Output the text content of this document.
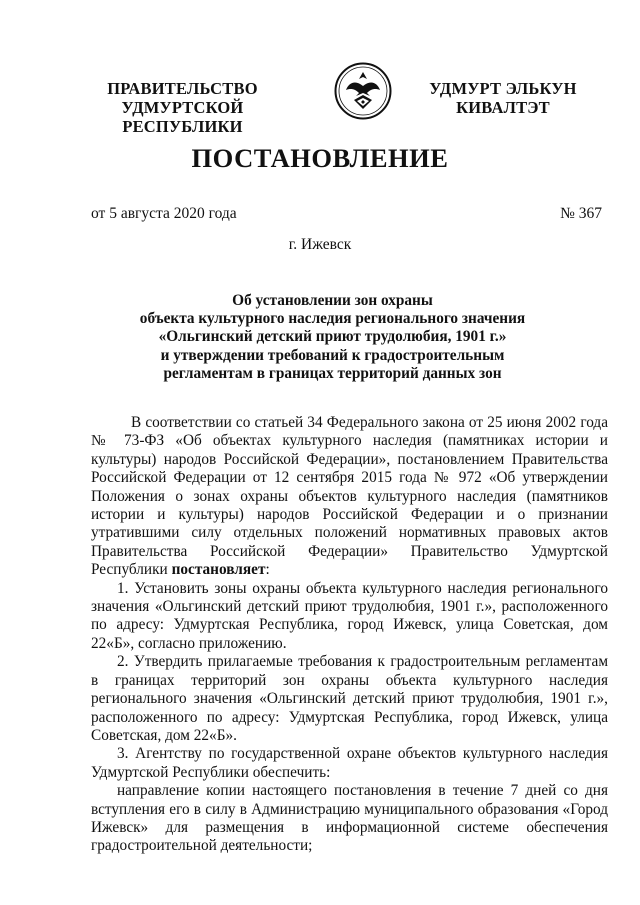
ПРАВИТЕЛЬСТВО
УДМУРТСКОЙ РЕСПУБЛИКИ
УДМУРТ ЭЛЬКУН
КИВАЛТЭТ
ПОСТАНОВЛЕНИЕ
от 5 августа 2020 года	№ 367
г. Ижевск
Об установлении зон охраны
объекта культурного наследия регионального значения
«Ольгинский детский приют трудолюбия, 1901 г.»
и утверждении требований к градостроительным
регламентам в границах территорий данных зон

В соответствии со статьей 34 Федерального закона от 25 июня 2002 года № 73-ФЗ «Об объектах культурного наследия (памятниках истории и культуры) народов Российской Федерации», постановлением Правительства Российской Федерации от 12 сентября 2015 года № 972 «Об утверждении Положения о зонах охраны объектов культурного наследия (памятников истории и культуры) народов Российской Федерации и о признании утратившими силу отдельных положений нормативных правовых актов Правительства Российской Федерации» Правительство Удмуртской Республики постановляет:

1. Установить зоны охраны объекта культурного наследия регионального значения «Ольгинский детский приют трудолюбия, 1901 г.», расположенного по адресу: Удмуртская Республика, город Ижевск, улица Советская, дом 22«Б», согласно приложению.

2. Утвердить прилагаемые требования к градостроительным регламентам в границах территорий зон охраны объекта культурного наследия регионального значения «Ольгинский детский приют трудолюбия, 1901 г.», расположенного по адресу: Удмуртская Республика, город Ижевск, улица Советская, дом 22«Б».

3. Агентству по государственной охране объектов культурного наследия Удмуртской Республики обеспечить:

направление копии настоящего постановления в течение 7 дней со дня вступления его в силу в Администрацию муниципального образования «Город Ижевск» для размещения в информационной системе обеспечения градостроительной деятельности;
